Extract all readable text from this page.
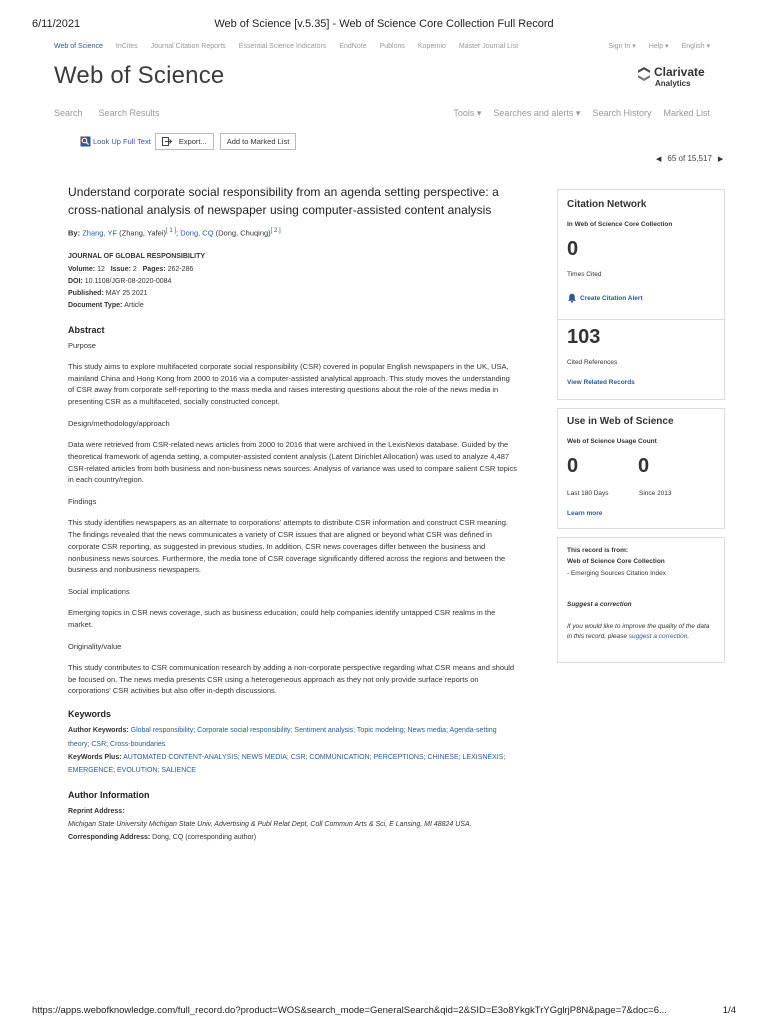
6/11/2021	Web of Science [v.5.35] - Web of Science Core Collection Full Record
Web of Science InCites Journal Citation Reports Essential Science Indicators EndNote Publons Kopernio Master Journal List	Sign In ▾ Help ▾ English ▾
Web of Science	Clarivate
Analytics
Search Search Results	Tools ▾ Searches and alerts ▾ Search History Marked List
Look Up Full Text	Export...	Add to Marked List
◀ 65
of
15,517 ▶
Understand corporate social responsibility from an agenda setting perspective: a cross-national analysis of newspaper using computer-assisted content analysis
By: Zhang, YF (Zhang, Yafei)[ 1 ]; Dong, CQ (Dong, Chuqing)[ 2 ]
JOURNAL OF GLOBAL RESPONSIBILITY
Volume: 12 Issue: 2 Pages: 262-286
DOI: 10.1108/JGR-08-2020-0084
Published: MAY 25 2021
Document Type: Article
Abstract
Purpose
This study aims to explore multifaceted corporate social responsibility (CSR) covered in popular English newspapers in the UK, USA, mainland China and Hong Kong from 2000 to 2016 via a computer-assisted analytical approach. This study moves the understanding of CSR away from corporate self-reporting to the mass media and raises interesting questions about the role of the news media in presenting CSR as a multifaceted, socially constructed concept.
Design/methodology/approach
Data were retrieved from CSR-related news articles from 2000 to 2016 that were archived in the LexisNexis database. Guided by the theoretical framework of agenda setting, a computer-assisted content analysis (Latent Dirichlet Allocation) was used to analyze 4,487 CSR-related articles from both business and non-business news sources. Analysis of variance was used to compare salient CSR topics in each country/region.
Findings
This study identifies newspapers as an alternate to corporations' attempts to distribute CSR information and construct CSR meaning. The findings revealed that the news communicates a variety of CSR issues that are aligned or beyond what CSR was defined in corporate CSR reporting, as suggested in previous studies. In addition, CSR news coverages differ between the business and nonbusiness news sources. Furthermore, the media tone of CSR coverage significantly differed across the regions and between the business and nonbusiness newspapers.
Social implications
Emerging topics in CSR news coverage, such as business education, could help companies identify untapped CSR realms in the market.
Originality/value
This study contributes to CSR communication research by adding a non-corporate perspective regarding what CSR means and should be focused on. The news media presents CSR using a heterogeneous approach as they not only provide surface reports on corporations' CSR activities but also offer in-depth discussions.
Keywords
Author Keywords: Global responsibility; Corporate social responsibility; Sentiment analysis; Topic modeling; News media; Agenda-setting theory; CSR; Cross-boundaries
KeyWords Plus: AUTOMATED CONTENT-ANALYSIS; NEWS MEDIA; CSR; COMMUNICATION; PERCEPTIONS; CHINESE; LEXISNEXIS; EMERGENCE; EVOLUTION; SALIENCE
Author Information
Reprint Address:
Michigan State University Michigan State Univ, Advertising & Publ Relat Dept, Coll Commun Arts & Sci, E Lansing, MI 48824 USA.
Corresponding Address: Dong, CQ (corresponding author)
Citation Network
In Web of Science Core Collection
0
Times Cited
Create Citation Alert
103
Cited References
View Related Records
Use in Web of Science
Web of Science Usage Count
0	0
Last 180 Days	Since 2013
Learn more
This record is from:
Web of Science Core Collection
- Emerging Sources Citation Index
Suggest a correction
If you would like to improve the quality of the data in this record, please suggest a correction.
https://apps.webofknowledge.com/full_record.do?product=WOS&search_mode=GeneralSearch&qid=2&SID=E3o8YkgkTrYGglrjP8N&page=7&doc=6...	1/4
